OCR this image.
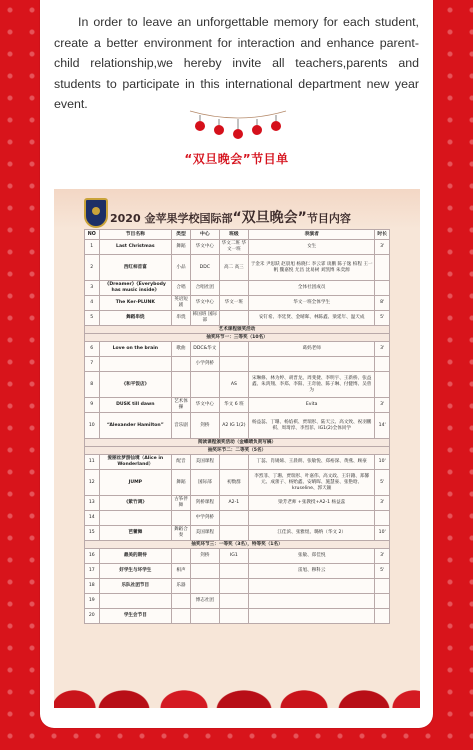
In order to leave an unforgettable memory for each student, create a better environment for interaction and enhance parent-child relationship,we hereby invite all teachers,parents and students to participate in this international department new year event.

“双旦晚会”节目单
2020 金苹果学校国际部“双旦晚会”节目内容
NO	节目名称	类型	中心	班级	表演者	时长
1	Last Christmas	舞蹈	华文中心	华文二班 华文一班	女生	3'
2	西红柿首富	小品	DDC	高二 高三	于金禾 尹思跃 赵晨旭 杨晓仁 李云霏 谈鹏 陈子逸 柏程 王一帆 魏嘉悦 尤昌 沈易树 刘凯博 朱奕源	
3	《Dreamer》《Everybody has music inside》	合唱	合唱社团		全体社团成员	
4	The Ker-PLUNK	英语短剧	华文中心	华文一班	华文一班全体学生	8'
5	舞蹈串烧	串烧	韩国班 国际部		安钉希、李廷贤、金晴晖、林陈鑫、梁延年、温天成	5'
艺术课程颁奖活动						
抽奖环节一：三等奖（10名）						
6	Love on the brain	歌曲	DDC&华文		葛妈老师	3'
7			小学剑桥			
8	《和平饭店》			AS	宋琳修、林为婷、胡晋龙、周斐捷、李明宇、王新桥、张益鑫、朱鸿翔、李郑、李阳、王奇驰、陈子琳、付健博、吴曾为	
9	DUSK till dawn	艺术体操	华文中心	华文 6 班	Evita	3'
10	“Alexander Hamilton”	音乐剧	剑桥	A2 IG 1(2)	杨益蕊、丁珊、杨焰祺、贾瑞彤、陆天云、高文致、祝羽鹏祺、周琦淳、李烈菲、IG1(2)全体同学	14'
阅读课程颁奖活动（金蝶晴负责写稿）						
抽奖环节二：二等奖（5名）						
11	爱丽丝梦游仙境（Alice in Wonderland）	配音	美国课程		丁蕊、肖锡烯、王晨朗、张敏悦、郑裕深、黄燕、顾豪	10'
12	JUMP	舞蹈	国际部	初数群	李烈菲、丁珊、贾瑞彤、叶嘉伟、高文政、王轩籍、郑馨元、成蕾子、杨贻鑫、安晴晖、施慧豪、张艳晗、kruseline、郭天颖	5'
13	《紫竹调》	古筝伴舞	剑桥课程	A2-1	梁芳老师 +张教授+A2-1 杨益蕊	3'
14			中学剑桥			
15	芭蕾舞	舞蹈合奏	美国课程		江佳滨、张雅煜、璐纳（华文 2）	10'
抽奖环节三：一等奖（3名），特等奖（1名）						
16	最美的期待		剑桥	IG1	张敏、郑佳悦	3'
17	好学生与坏学生	相声			雷旭、穆科云	5'
18	乐队社团节目	乐器				
19			博志社团			
20	学生会节目					
